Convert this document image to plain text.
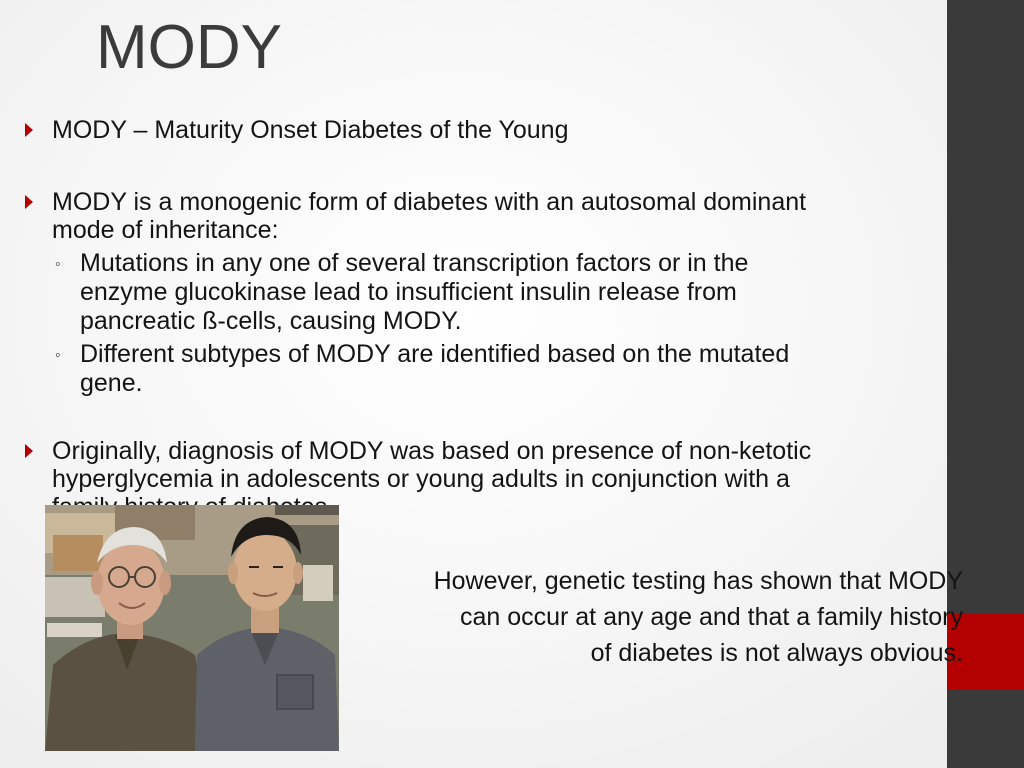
MODY
MODY – Maturity Onset Diabetes of the Young
MODY is a monogenic form of diabetes with an autosomal dominant
mode of inheritance:
◦ Mutations in any one of several transcription factors or in the
enzyme glucokinase lead to insufficient insulin release from
pancreatic ß-cells, causing MODY.
◦ Different subtypes of MODY are identified based on the mutated
gene.
Originally, diagnosis of MODY was based on presence of non-ketotic
hyperglycemia in adolescents or young adults in conjunction with a
However, genetic testing has shown that MODY
can occur at any age and that a family history
of diabetes is not always obvious.
